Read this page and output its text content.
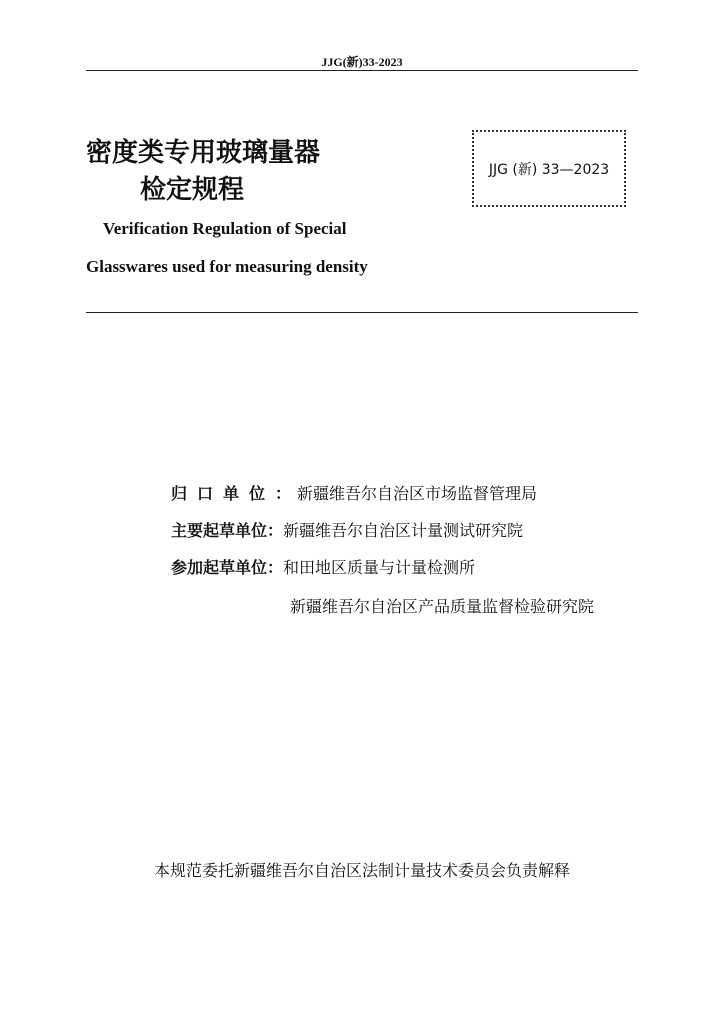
JJG(新)33-2023
密度类专用玻璃量器
检定规程
JJG (新) 33—2023
Verification Regulation of Special
Glasswares used for measuring density
归口单位：
新疆维吾尔自治区市场监督管理局
主要起草单位： 新疆维吾尔自治区计量测试研究院
参加起草单位： 和田地区质量与计量检测所
新疆维吾尔自治区产品质量监督检验研究院
本规范委托新疆维吾尔自治区法制计量技术委员会负责解释
